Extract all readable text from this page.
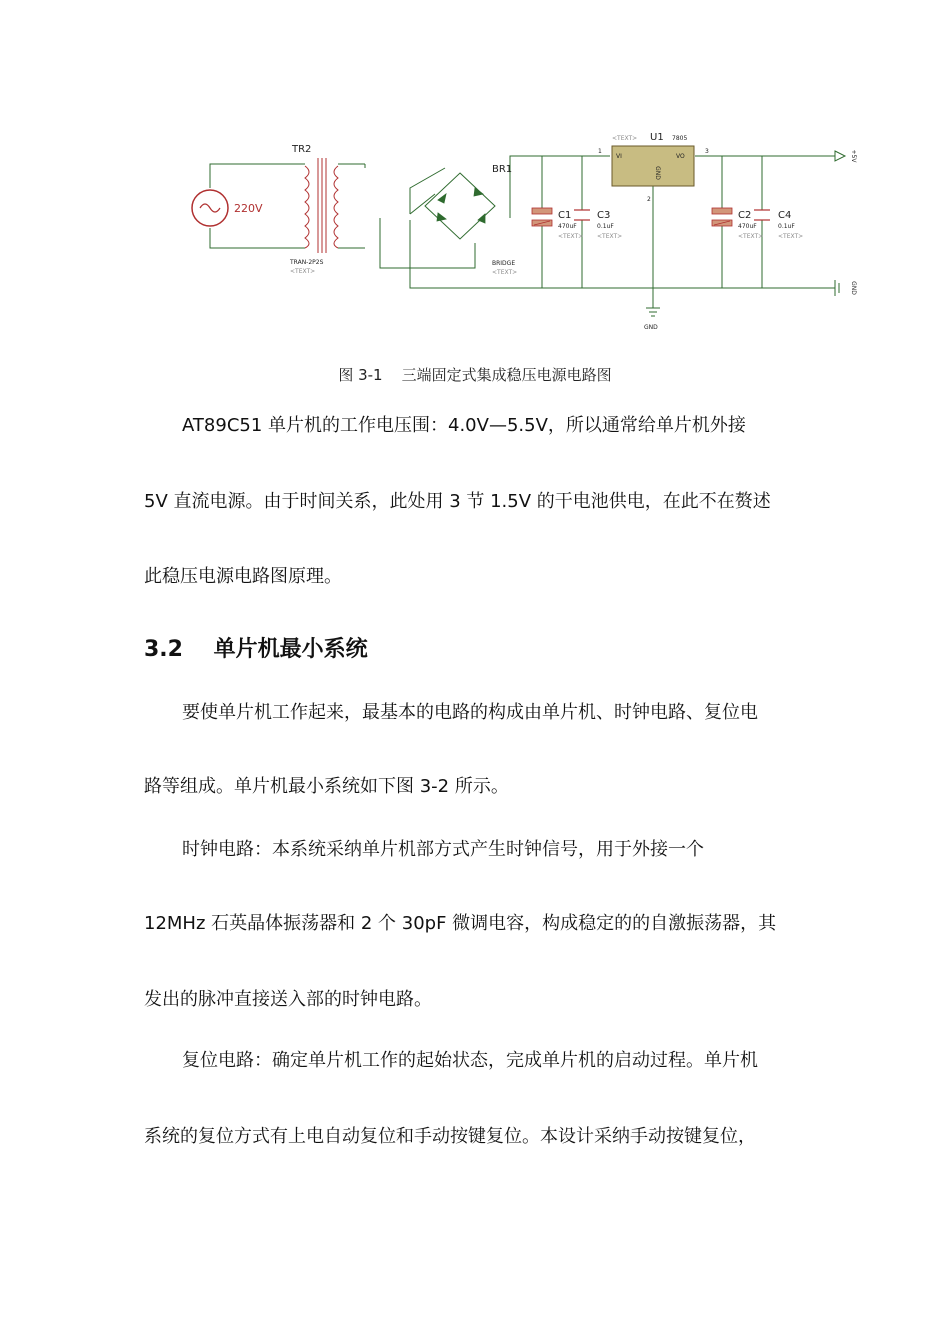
220V
TR2
TRAN-2P2S
<TEXT>
BR1
BRIDGE
<TEXT>
VI	VO
GND
U1 7805
<TEXT>
1	3
2
C1
470uF
<TEXT>
C3
0.1uF
<TEXT>
C2
470uF
<TEXT>
C4
0.1uF
<TEXT>
GND
+5V
GND
图 3-1    三端固定式集成稳压电源电路图
AT89C51 单片机的工作电压围：4.0V—5.5V，所以通常给单片机外接
5V 直流电源。由于时间关系，此处用 3 节 1.5V 的干电池供电，在此不在赘述
此稳压电源电路图原理。
3.2    单片机最小系统
要使单片机工作起来，最基本的电路的构成由单片机、时钟电路、复位电
路等组成。单片机最小系统如下图 3-2 所示。
时钟电路：本系统采纳单片机部方式产生时钟信号，用于外接一个
12MHz 石英晶体振荡器和 2 个 30pF 微调电容，构成稳定的的自激振荡器，其
发出的脉冲直接送入部的时钟电路。
复位电路：确定单片机工作的起始状态，完成单片机的启动过程。单片机
系统的复位方式有上电自动复位和手动按键复位。本设计采纳手动按键复位，
